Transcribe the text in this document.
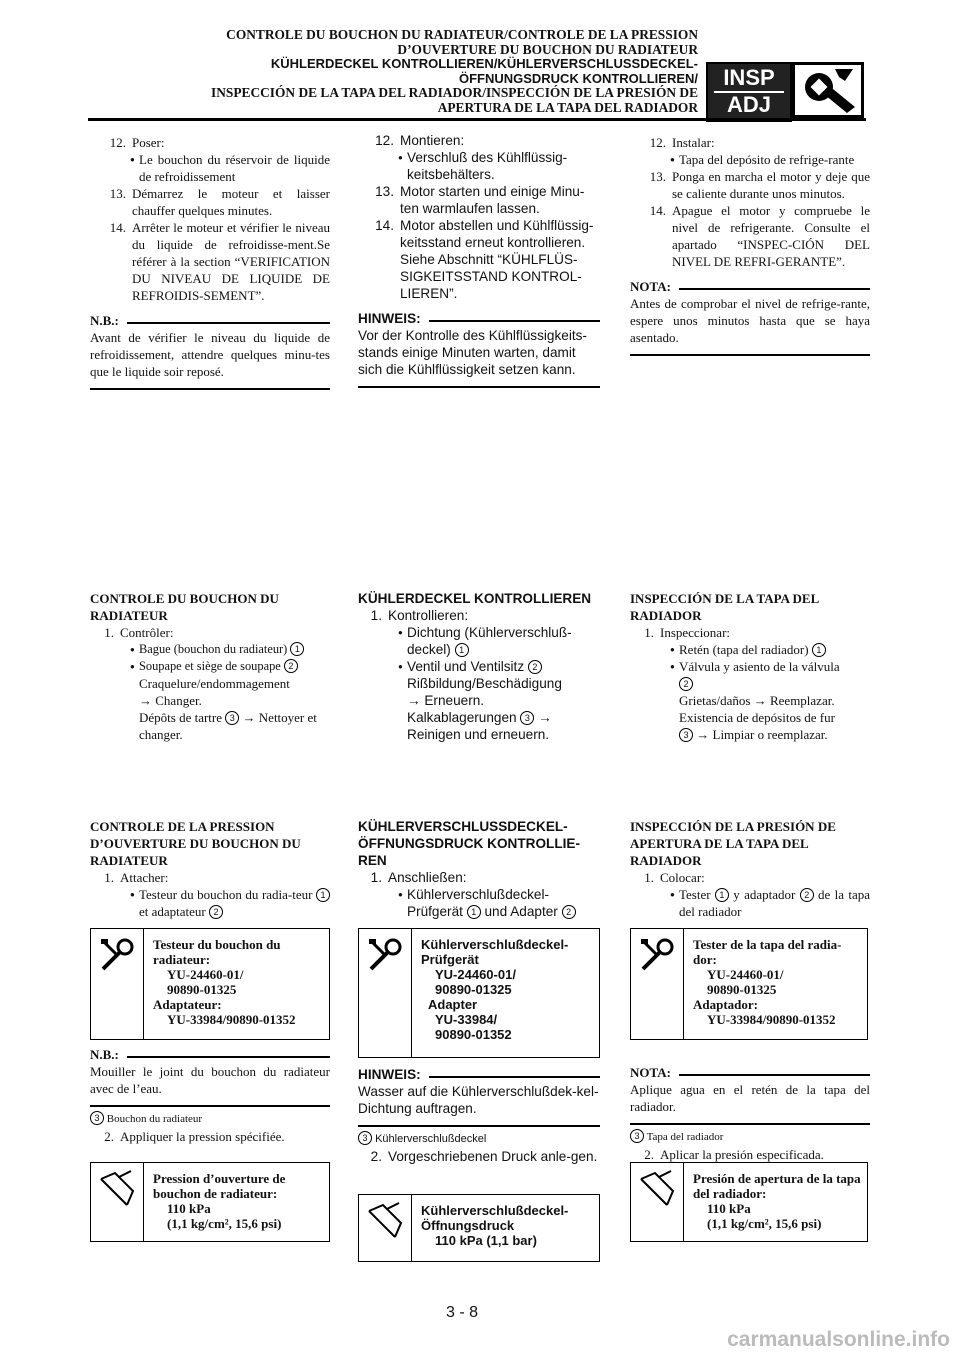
CONTROLE DU BOUCHON DU RADIATEUR/CONTROLE DE LA PRESSION
D’OUVERTURE DU BOUCHON DU RADIATEUR
KÜHLERDECKEL KONTROLLIEREN/KÜHLERVERSCHLUSSDECKEL-
ÖFFNUNGSDRUCK KONTROLLIEREN/
INSPECCIÓN DE LA TAPA DEL RADIADOR/INSPECCIÓN DE LA PRESIÓN DE
APERTURA DE LA TAPA DEL RADIADOR
INSP
ADJ
12. Poser:
● Le bouchon du réservoir de liquide de refroidissement
13. Démarrez le moteur et laisser chauffer quelques minutes.
14. Arrêter le moteur et vérifier le niveau du liquide de refroidisse-ment.Se référer à la section “VERIFICATION DU NIVEAU DE LIQUIDE DE REFROIDIS-SEMENT”.
N.B.:
Avant de vérifier le niveau du liquide de refroidissement, attendre quelques minu-tes que le liquide soir reposé.
CONTROLE DU BOUCHON DU RADIATEUR
1. Contrôler:
● Bague (bouchon du radiateur) 1
● Soupape et siège de soupape 2
Craquelure/endommagement
→ Changer.
Dépôts de tartre 3 → Nettoyer et changer.
CONTROLE DE LA PRESSION D’OUVERTURE DU BOUCHON DU RADIATEUR
1. Attacher:
● Testeur du bouchon du radia-teur 1 et adaptateur 2
Testeur du bouchon du radiateur:
YU-24460-01/
90890-01325
Adaptateur:
YU-33984/90890-01352
N.B.:
Mouiller le joint du bouchon du radiateur avec de l’eau.
3 Bouchon du radiateur
2. Appliquer la pression spécifiée.
Pression d’ouverture de bouchon de radiateur:
110 kPa
(1,1 kg/cm², 15,6 psi)
12. Montieren:
● Verschluß des Kühlflüssig-keitsbehälters.
13. Motor starten und einige Minu-ten warmlaufen lassen.
14. Motor abstellen und Kühlflüssig-keitsstand erneut kontrollieren. Siehe Abschnitt “KÜHLFLÜS-SIGKEITSSTAND KONTROL-LIEREN”.
HINWEIS:
Vor der Kontrolle des Kühlflüssigkeits-stands einige Minuten warten, damit sich die Kühlflüssigkeit setzen kann.
KÜHLERDECKEL KONTROLLIEREN
1. Kontrollieren:
● Dichtung (Kühlerverschluß-deckel) 1
● Ventil und Ventilsitz 2
Rißbildung/Beschädigung
→ Erneuern.
Kalkablagerungen 3 → Reinigen und erneuern.
KÜHLERVERSCHLUSSDECKEL-ÖFFNUNGSDRUCK KONTROLLIE-REN
1. Anschließen:
● Kühlerverschlußdeckel-Prüfgerät 1 und Adapter 2
Kühlerverschlußdeckel-Prüfgerät
YU-24460-01/
90890-01325
Adapter
YU-33984/
90890-01352
HINWEIS:
Wasser auf die Kühlerverschlußdek-kel-Dichtung auftragen.
3 Kühlerverschlußdeckel
2. Vorgeschriebenen Druck anle-gen.
Kühlerverschlußdeckel-Öffnungsdruck
110 kPa (1,1 bar)
12. Instalar:
● Tapa del depósito de refrige-rante
13. Ponga en marcha el motor y deje que se caliente durante unos minutos.
14. Apague el motor y compruebe le nivel de refrigerante. Consulte el apartado “INSPEC-CIÓN DEL NIVEL DE REFRI-GERANTE”.
NOTA:
Antes de comprobar el nivel de refrige-rante, espere unos minutos hasta que se haya asentado.
INSPECCIÓN DE LA TAPA DEL RADIADOR
1. Inspeccionar:
● Retén (tapa del radiador) 1
● Válvula y asiento de la válvula
2
Grietas/daños → Reemplazar.
Existencia de depósitos de fur
3 → Limpiar o reemplazar.
INSPECCIÓN DE LA PRESIÓN DE APERTURA DE LA TAPA DEL RADIADOR
1. Colocar:
● Tester 1 y adaptador 2 de la tapa del radiador
Tester de la tapa del radia-dor:
YU-24460-01/
90890-01325
Adaptador:
YU-33984/90890-01352
NOTA:
Aplique agua en el retén de la tapa del radiador.
3 Tapa del radiador
2. Aplicar la presión especificada.
Presión de apertura de la tapa del radiador:
110 kPa
(1,1 kg/cm², 15,6 psi)
3 - 8
carmanualsonline.info
